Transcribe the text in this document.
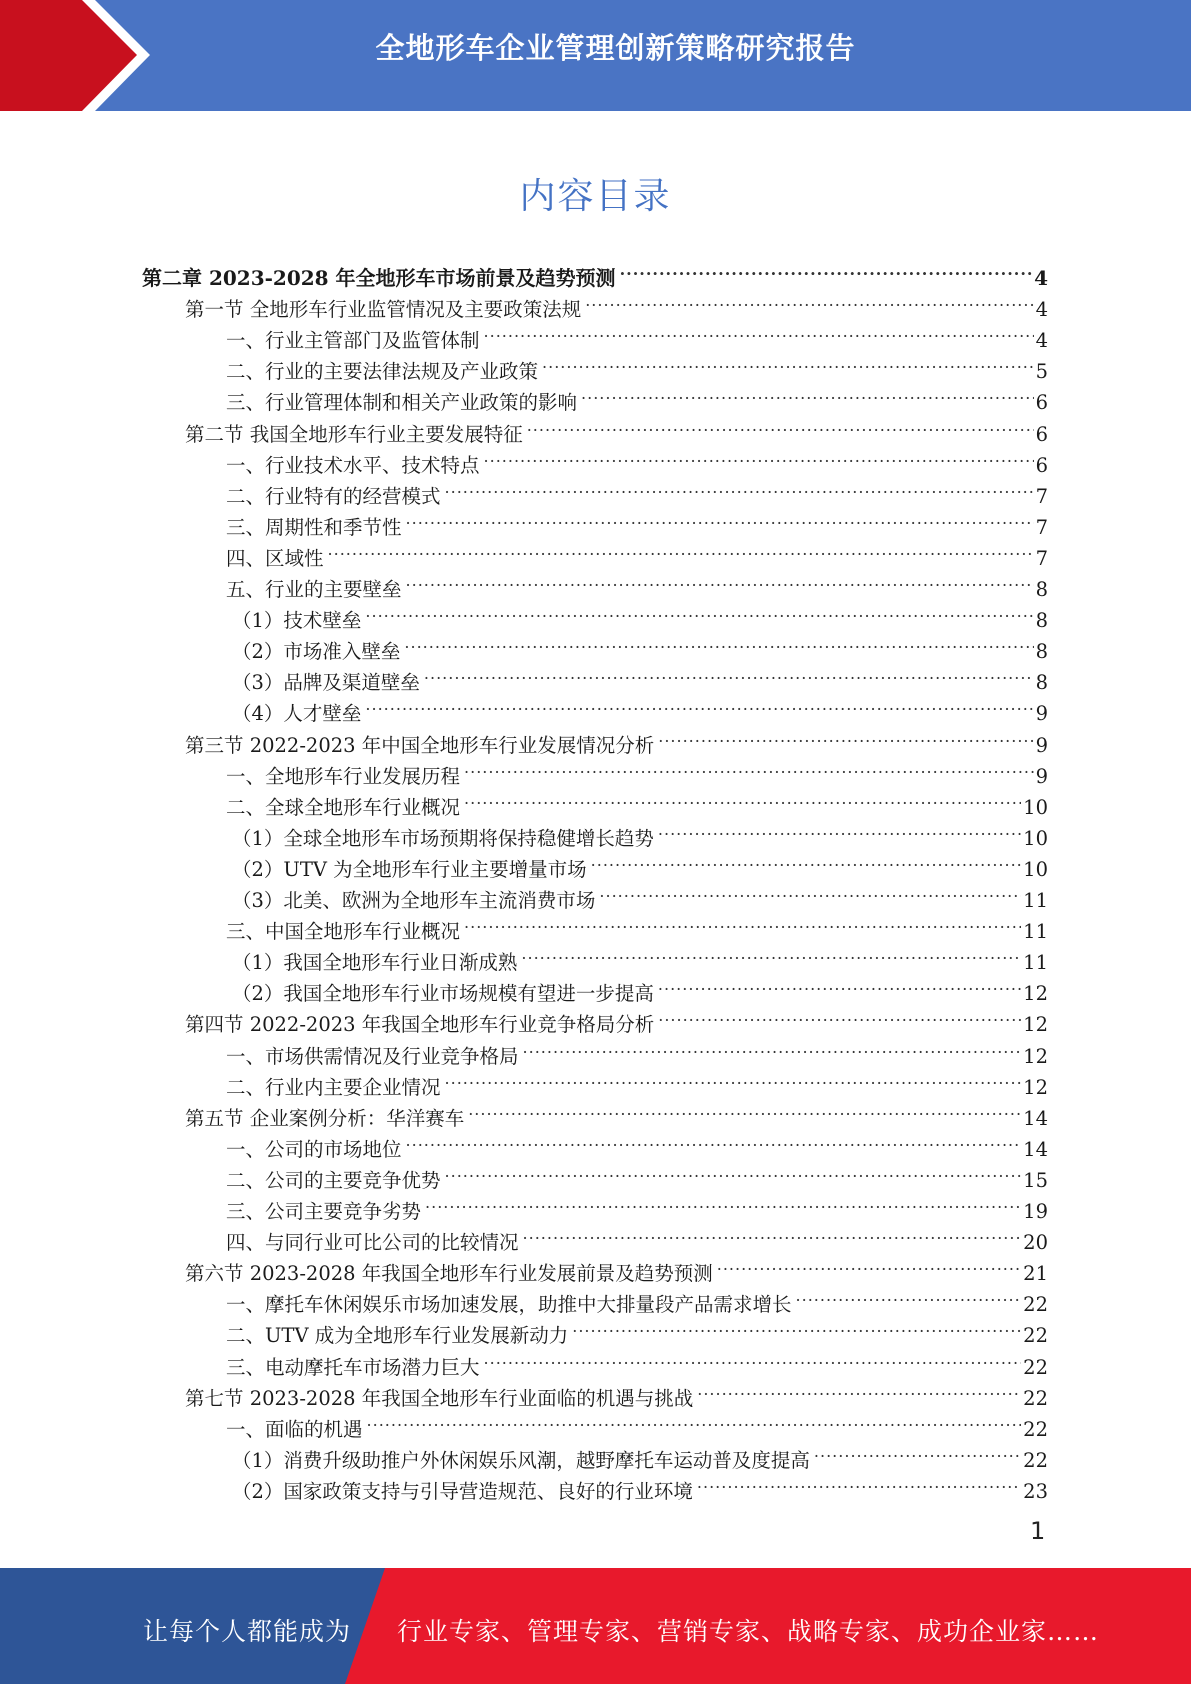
全地形车企业管理创新策略研究报告
内容目录
第二章 2023-2028 年全地形车市场前景及趋势预测 .....	4
第一节 全地形车行业监管情况及主要政策法规 .....	4
一、行业主管部门及监管体制 .....	4
二、行业的主要法律法规及产业政策 .....	5
三、行业管理体制和相关产业政策的影响 .....	6
第二节 我国全地形车行业主要发展特征 .....	6
一、行业技术水平、技术特点 .....	6
二、行业特有的经营模式 .....	7
三、周期性和季节性 .....	7
四、区域性 .....	7
五、行业的主要壁垒 .....	8
（1）技术壁垒 .....	8
（2）市场准入壁垒 .....	8
（3）品牌及渠道壁垒 .....	8
（4）人才壁垒 .....	9
第三节 2022-2023 年中国全地形车行业发展情况分析 .....	9
一、全地形车行业发展历程 .....	9
二、全球全地形车行业概况 .....	10
（1）全球全地形车市场预期将保持稳健增长趋势 .....	10
（2）UTV 为全地形车行业主要增量市场 .....	10
（3）北美、欧洲为全地形车主流消费市场 .....	11
三、中国全地形车行业概况 .....	11
（1）我国全地形车行业日渐成熟 .....	11
（2）我国全地形车行业市场规模有望进一步提高 .....	12
第四节 2022-2023 年我国全地形车行业竞争格局分析 .....	12
一、市场供需情况及行业竞争格局 .....	12
二、行业内主要企业情况 .....	12
第五节 企业案例分析：华洋赛车 .....	14
一、公司的市场地位 .....	14
二、公司的主要竞争优势 .....	15
三、公司主要竞争劣势 .....	19
四、与同行业可比公司的比较情况 .....	20
第六节 2023-2028 年我国全地形车行业发展前景及趋势预测 .....	21
一、摩托车休闲娱乐市场加速发展，助推中大排量段产品需求增长 .....	22
二、UTV 成为全地形车行业发展新动力 .....	22
三、电动摩托车市场潜力巨大 .....	22
第七节 2023-2028 年我国全地形车行业面临的机遇与挑战 .....	22
一、面临的机遇 .....	22
（1）消费升级助推户外休闲娱乐风潮，越野摩托车运动普及度提高 .....	22
（2）国家政策支持与引导营造规范、良好的行业环境 .....	23
1
让每个人都能成为 行业专家、管理专家、营销专家、战略专家、成功企业家……
